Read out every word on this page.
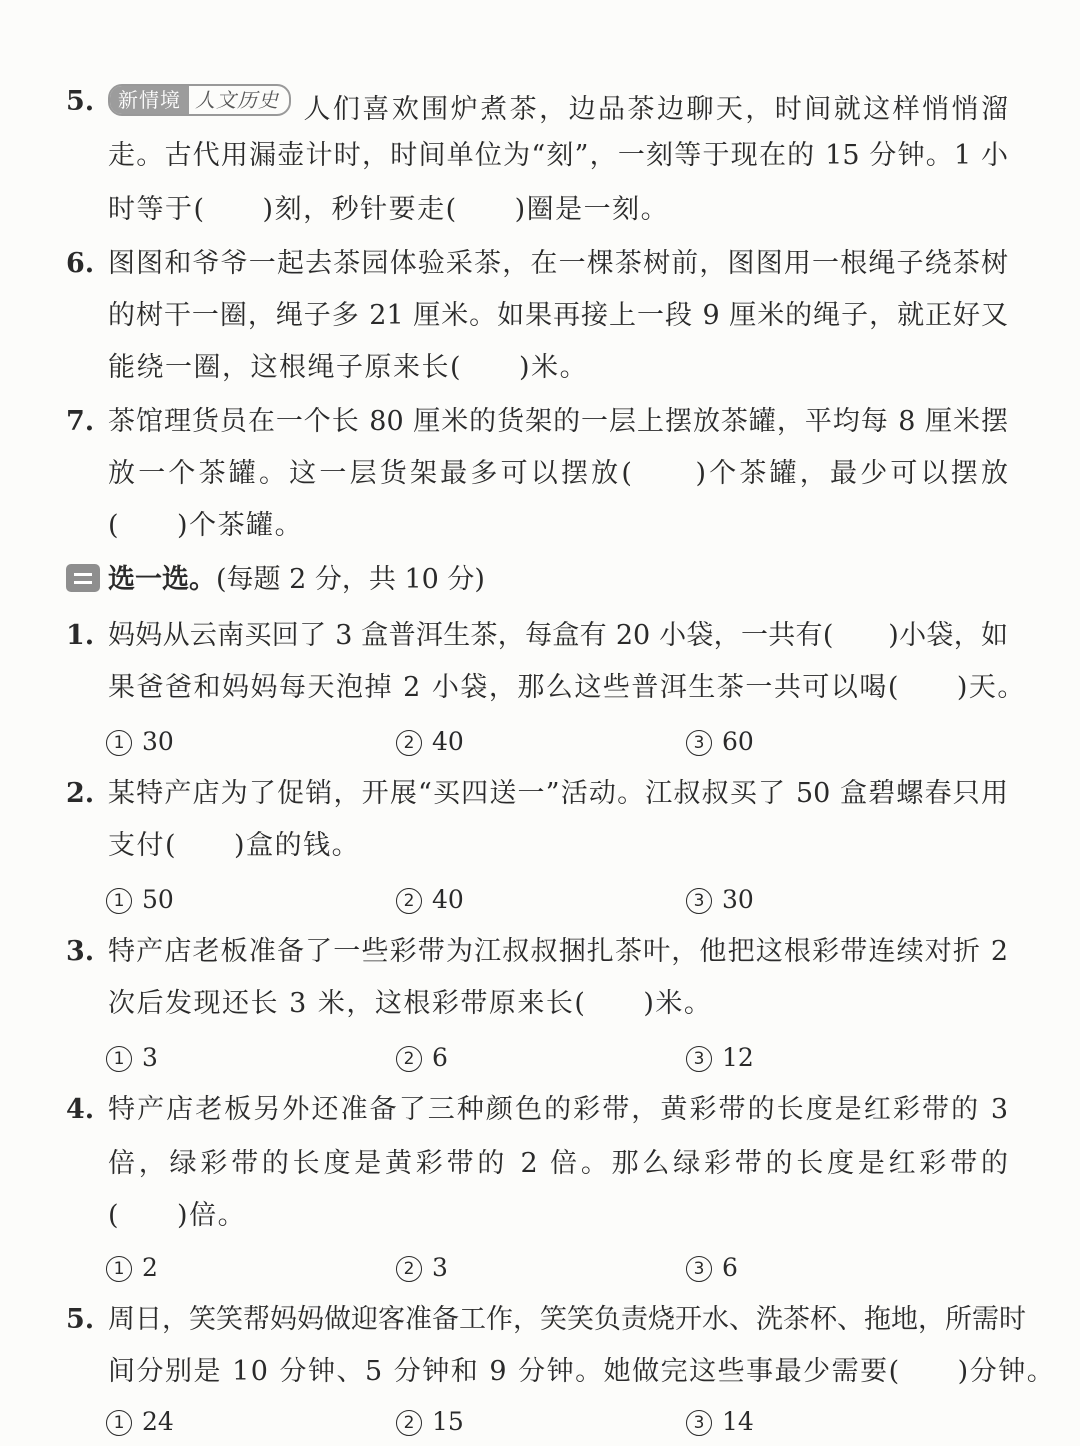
5.	新情境 人文历史 人们喜欢围炉煮茶，边品茶边聊天，时间就这样悄悄溜
走。古代用漏壶计时，时间单位为“刻”，一刻等于现在的 15 分钟。1 小
时等于(　　)刻，秒针要走(　　)圈是一刻。
6. 图图和爷爷一起去茶园体验采茶，在一棵茶树前，图图用一根绳子绕茶树
的树干一圈，绳子多 21 厘米。如果再接上一段 9 厘米的绳子，就正好又
能绕一圈，这根绳子原来长(　　)米。
7. 茶馆理货员在一个长 80 厘米的货架的一层上摆放茶罐，平均每 8 厘米摆
放一个茶罐。这一层货架最多可以摆放(　　)个茶罐，最少可以摆放
(　　)个茶罐。
选一选。(每题 2 分，共 10 分)
1. 妈妈从云南买回了 3 盒普洱生茶，每盒有 20 小袋，一共有(　　)小袋，如
果爸爸和妈妈每天泡掉 2 小袋，那么这些普洱生茶一共可以喝(　　)天。
1 30	2 40	3 60
2. 某特产店为了促销，开展“买四送一”活动。江叔叔买了 50 盒碧螺春只用
支付(　　)盒的钱。
1 50	2 40	3 30
3. 特产店老板准备了一些彩带为江叔叔捆扎茶叶，他把这根彩带连续对折 2
次后发现还长 3 米，这根彩带原来长(　　)米。
1 3	2 6	3 12
4. 特产店老板另外还准备了三种颜色的彩带，黄彩带的长度是红彩带的 3
倍，绿彩带的长度是黄彩带的 2 倍。那么绿彩带的长度是红彩带的
(　　)倍。
1 2	2 3	3 6
5. 周日，笑笑帮妈妈做迎客准备工作，笑笑负责烧开水、洗茶杯、拖地，所需时
间分别是 10 分钟、5 分钟和 9 分钟。她做完这些事最少需要(　　)分钟。
1 24	2 15	3 14
